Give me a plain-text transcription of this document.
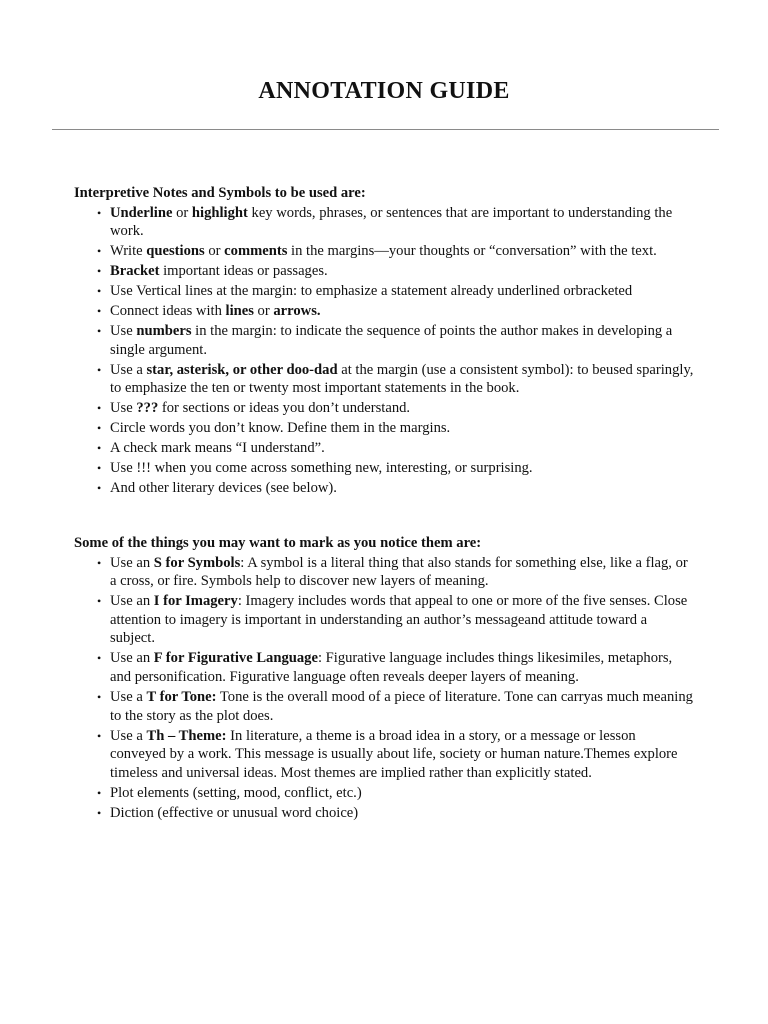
ANNOTATION GUIDE
Interpretive Notes and Symbols to be used are:
• Underline or highlight key words, phrases, or sentences that are important to understanding the work.
• Write questions or comments in the margins—your thoughts or “conversation” with the text.
• Bracket important ideas or passages.
• Use Vertical lines at the margin: to emphasize a statement already underlined orbracketed
• Connect ideas with lines or arrows.
• Use numbers in the margin: to indicate the sequence of points the author makes in developing a single argument.
• Use a star, asterisk, or other doo-dad at the margin (use a consistent symbol): to beused sparingly, to emphasize the ten or twenty most important statements in the book.
• Use ??? for sections or ideas you don’t understand.
• Circle words you don’t know. Define them in the margins.
• A check mark means “I understand”.
• Use !!! when you come across something new, interesting, or surprising.
• And other literary devices (see below).
Some of the things you may want to mark as you notice them are:
• Use an S for Symbols: A symbol is a literal thing that also stands for something else, like a flag, or a cross, or fire. Symbols help to discover new layers of meaning.
• Use an I for Imagery: Imagery includes words that appeal to one or more of the five senses. Close attention to imagery is important in understanding an author’s messageand attitude toward a subject.
• Use an F for Figurative Language: Figurative language includes things likesimiles, metaphors, and personification. Figurative language often reveals deeper layers of meaning.
• Use a T for Tone: Tone is the overall mood of a piece of literature. Tone can carryas much meaning to the story as the plot does.
• Use a Th – Theme: In literature, a theme is a broad idea in a story, or a message or lesson conveyed by a work. This message is usually about life, society or human nature.Themes explore timeless and universal ideas. Most themes are implied rather than explicitly stated.
• Plot elements (setting, mood, conflict, etc.)
• Diction (effective or unusual word choice)
